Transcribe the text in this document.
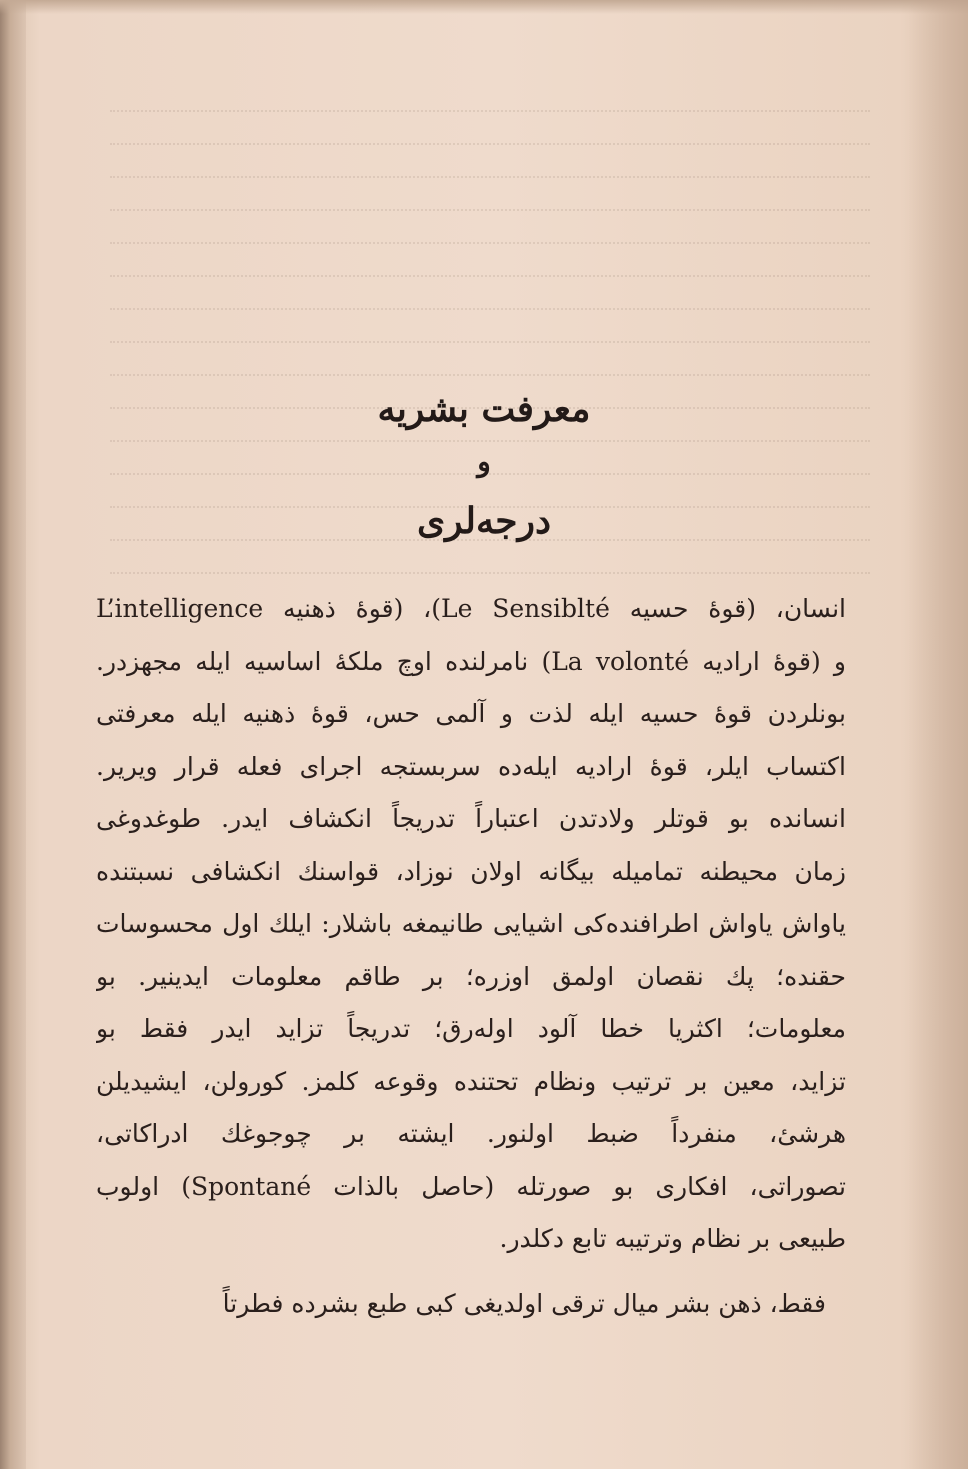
معرفت بشریه
و
درجه‌لری
انسان، (قوهٔ حسیه Le Sensiblté)، (قوهٔ ذهنیه L’intelligence
و (قوهٔ ارادیه La volonté) نامرلنده اوچ ملکهٔ اساسیه ایله مجهزدر.
بونلردن قوهٔ حسیه ایله لذت و آلمی حس، قوهٔ ذهنیه ایله معرفتی
اکتساب ایلر، قوهٔ ارادیه ایله‌ده سربستجه اجرای فعله قرار ویریر.
انسانده بو قوتلر ولادتدن اعتباراً تدریجاً انکشاف ایدر. طوغدوغی
زمان محیطنه تمامیله بیگانه اولان نوزاد، قواسنك انکشافی نسبتنده
یاواش یاواش اطرافنده‌کی اشیایی طانیمغه باشلار: ایلك اول محسوسات
حقنده؛ پك نقصان اولمق اوزره؛ بر طاقم معلومات ایدینیر. بو
معلومات؛ اکثریا خطا آلود اوله‌رق؛ تدریجاً تزاید ایدر فقط بو
تزاید، معین بر ترتیب ونظام تحتنده وقوعه کلمز. کورولن، ایشیدیلن
هرشیٔ، منفرداً ضبط اولنور. ایشته بر چوجوغك ادراکاتی،
تصوراتی، افکاری بو صورتله (حاصل بالذات Spontané) اولوب
طبیعی بر نظام وترتیبه تابع دکلدر.
فقط، ذهن بشر میال ترقی اولدیغی کبی طبع بشرده فطرتاً
